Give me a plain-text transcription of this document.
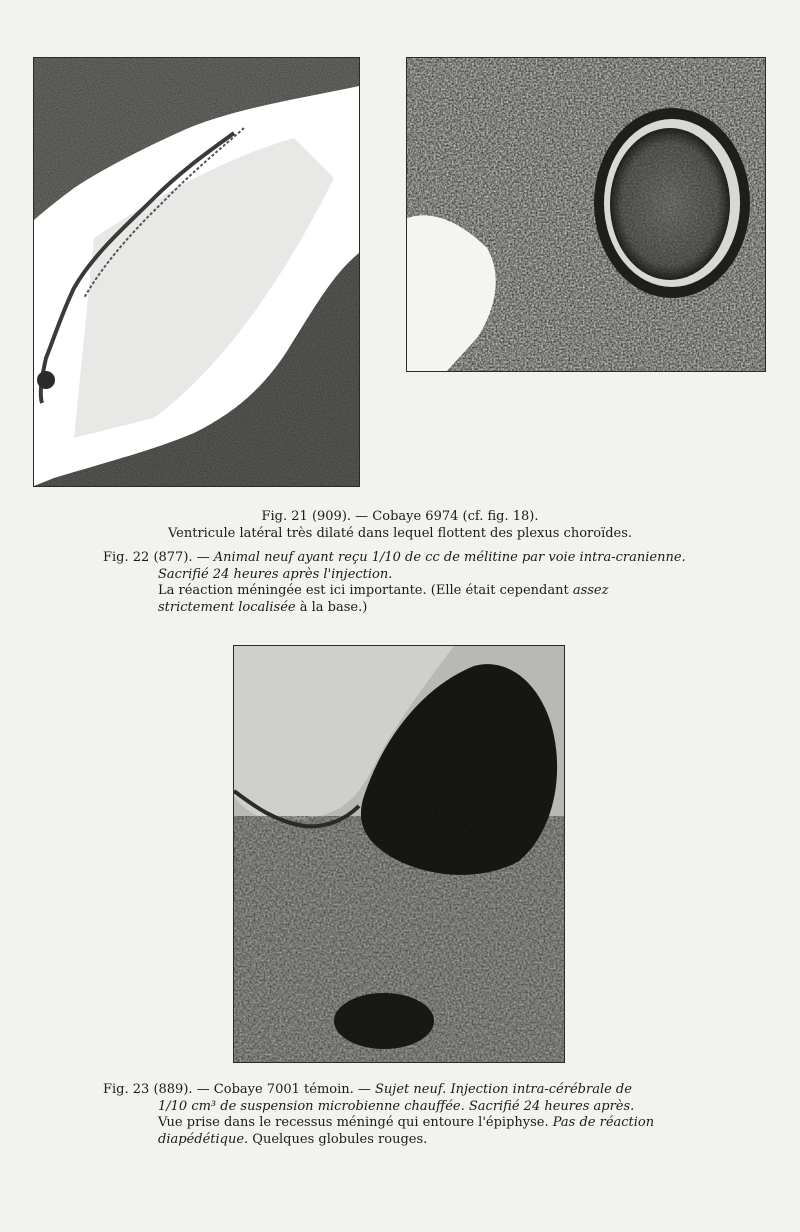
Fig. 21 (909). — Cobaye 6974 (cf. fig. 18).
Ventricule latéral très dilaté dans lequel flottent des plexus choroïdes.
Fig. 22 (877). — Animal neuf ayant reçu 1/10 de cc de mélitine par voie intra-cranienne.
Sacrifié 24 heures après l'injection.
La réaction méningée est ici importante. (Elle était cependant assez
strictement localisée à la base.)
Fig. 23 (889). — Cobaye 7001 témoin. — Sujet neuf. Injection intra-cérébrale de
1/10 cm³ de suspension microbienne chauffée. Sacrifié 24 heures après.
Vue prise dans le recessus méningé qui entoure l'épiphyse. Pas de réaction
diapédétique. Quelques globules rouges.
